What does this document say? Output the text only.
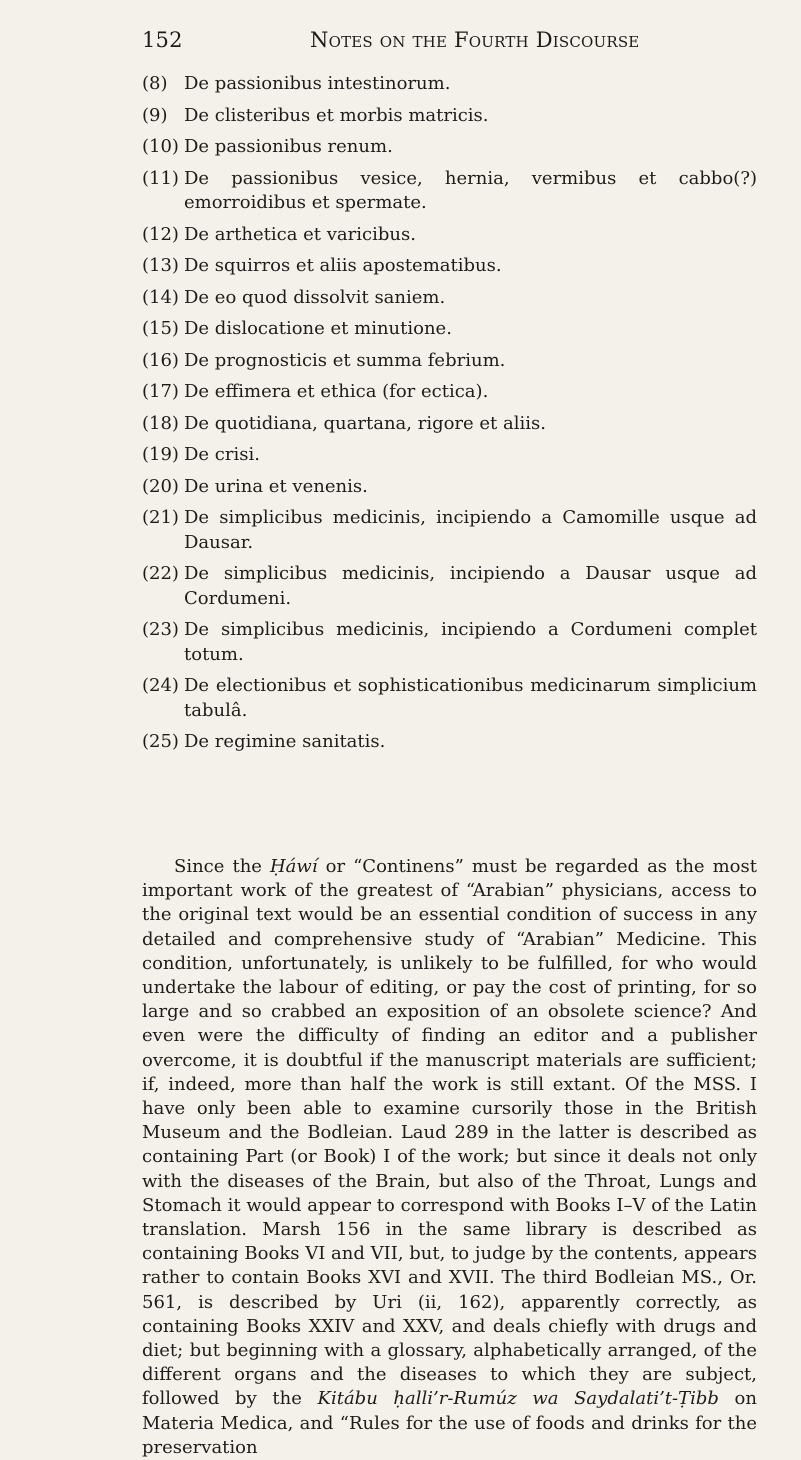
152	Notes on the Fourth Discourse
(8) De passionibus intestinorum.
(9) De clisteribus et morbis matricis.
(10) De passionibus renum.
(11) De passionibus vesice, hernia, vermibus et cabbo(?) emorroidibus et spermate.
(12) De arthetica et varicibus.
(13) De squirros et aliis apostematibus.
(14) De eo quod dissolvit saniem.
(15) De dislocatione et minutione.
(16) De prognosticis et summa febrium.
(17) De effimera et ethica (for ectica).
(18) De quotidiana, quartana, rigore et aliis.
(19) De crisi.
(20) De urina et venenis.
(21) De simplicibus medicinis, incipiendo a Camomille usque ad Dausar.
(22) De simplicibus medicinis, incipiendo a Dausar usque ad Cordumeni.
(23) De simplicibus medicinis, incipiendo a Cordumeni complet totum.
(24) De electionibus et sophisticationibus medicinarum simplicium tabulâ.
(25) De regimine sanitatis.

Since the Ḥáwí or “Continens” must be regarded as the most important work of the greatest of “Arabian” physicians, access to the original text would be an essential condition of success in any detailed and comprehensive study of “Arabian” Medicine. This condition, unfortunately, is unlikely to be fulfilled, for who would undertake the labour of editing, or pay the cost of printing, for so large and so crabbed an exposition of an obsolete science? And even were the difficulty of finding an editor and a publisher overcome, it is doubtful if the manuscript materials are sufficient; if, indeed, more than half the work is still extant. Of the MSS. I have only been able to examine cursorily those in the British Museum and the Bodleian. Laud 289 in the latter is described as containing Part (or Book) I of the work; but since it deals not only with the diseases of the Brain, but also of the Throat, Lungs and Stomach it would appear to correspond with Books I–V of the Latin translation. Marsh 156 in the same library is described as containing Books VI and VII, but, to judge by the contents, appears rather to contain Books XVI and XVII. The third Bodleian MS., Or. 561, is described by Uri (ii, 162), apparently correctly, as containing Books XXIV and XXV, and deals chiefly with drugs and diet; but beginning with a glossary, alphabetically arranged, of the different organs and the diseases to which they are subject, followed by the Kitábu ḥalli’r-Rumúz wa Saydalati’t-Ṭibb on Materia Medica, and “Rules for the use of foods and drinks for the preservation
